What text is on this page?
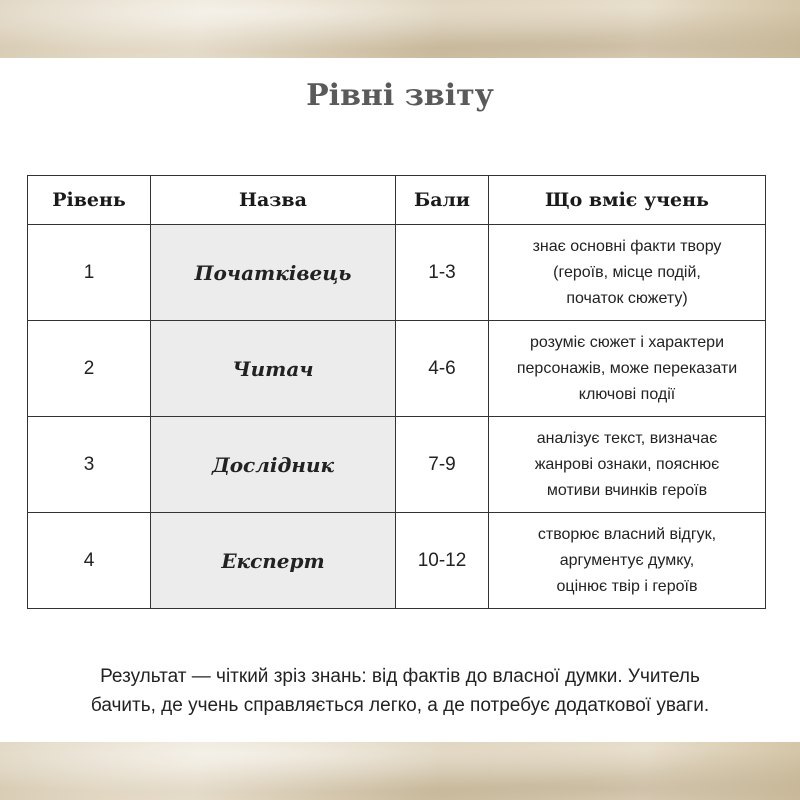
Рівні звіту
Рівень	Назва	Бали	Що вміє учень
1	Початківець	1-3	знає основні факти твору
(героїв, місце подій,
початок сюжету)

2	Читач	4-6	розуміє сюжет і характери
персонажів, може переказати
ключові події

3	Дослідник	7-9	аналізує текст, визначає
жанрові ознаки, пояснює
мотиви вчинків героїв

4	Експерт	10-12	створює власний відгук,
аргументує думку,
оцінює твір і героїв
Результат — чіткий зріз знань: від фактів до власної думки. Учитель
бачить, де учень справляється легко, а де потребує додаткової уваги.
